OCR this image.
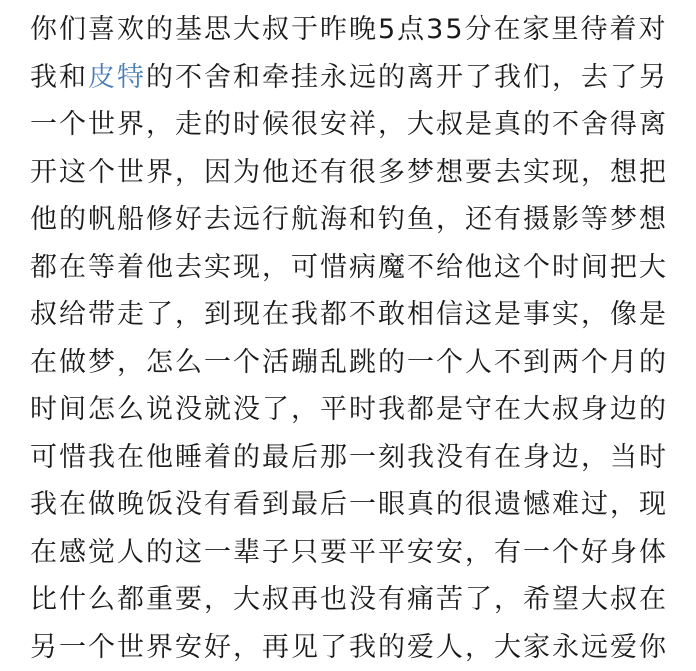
你们喜欢的基思大叔于昨晚5点35分在家里待着对
我和皮特的不舍和牵挂永远的离开了我们，去了另
一个世界，走的时候很安祥，大叔是真的不舍得离
开这个世界，因为他还有很多梦想要去实现，想把
他的帆船修好去远行航海和钓鱼，还有摄影等梦想
都在等着他去实现，可惜病魔不给他这个时间把大
叔给带走了，到现在我都不敢相信这是事实，像是
在做梦，怎么一个活蹦乱跳的一个人不到两个月的
时间怎么说没就没了，平时我都是守在大叔身边的
可惜我在他睡着的最后那一刻我没有在身边，当时
我在做晚饭没有看到最后一眼真的很遗憾难过，现
在感觉人的这一辈子只要平平安安，有一个好身体
比什么都重要，大叔再也没有痛苦了，希望大叔在
另一个世界安好，再见了我的爱人，大家永远爱你
